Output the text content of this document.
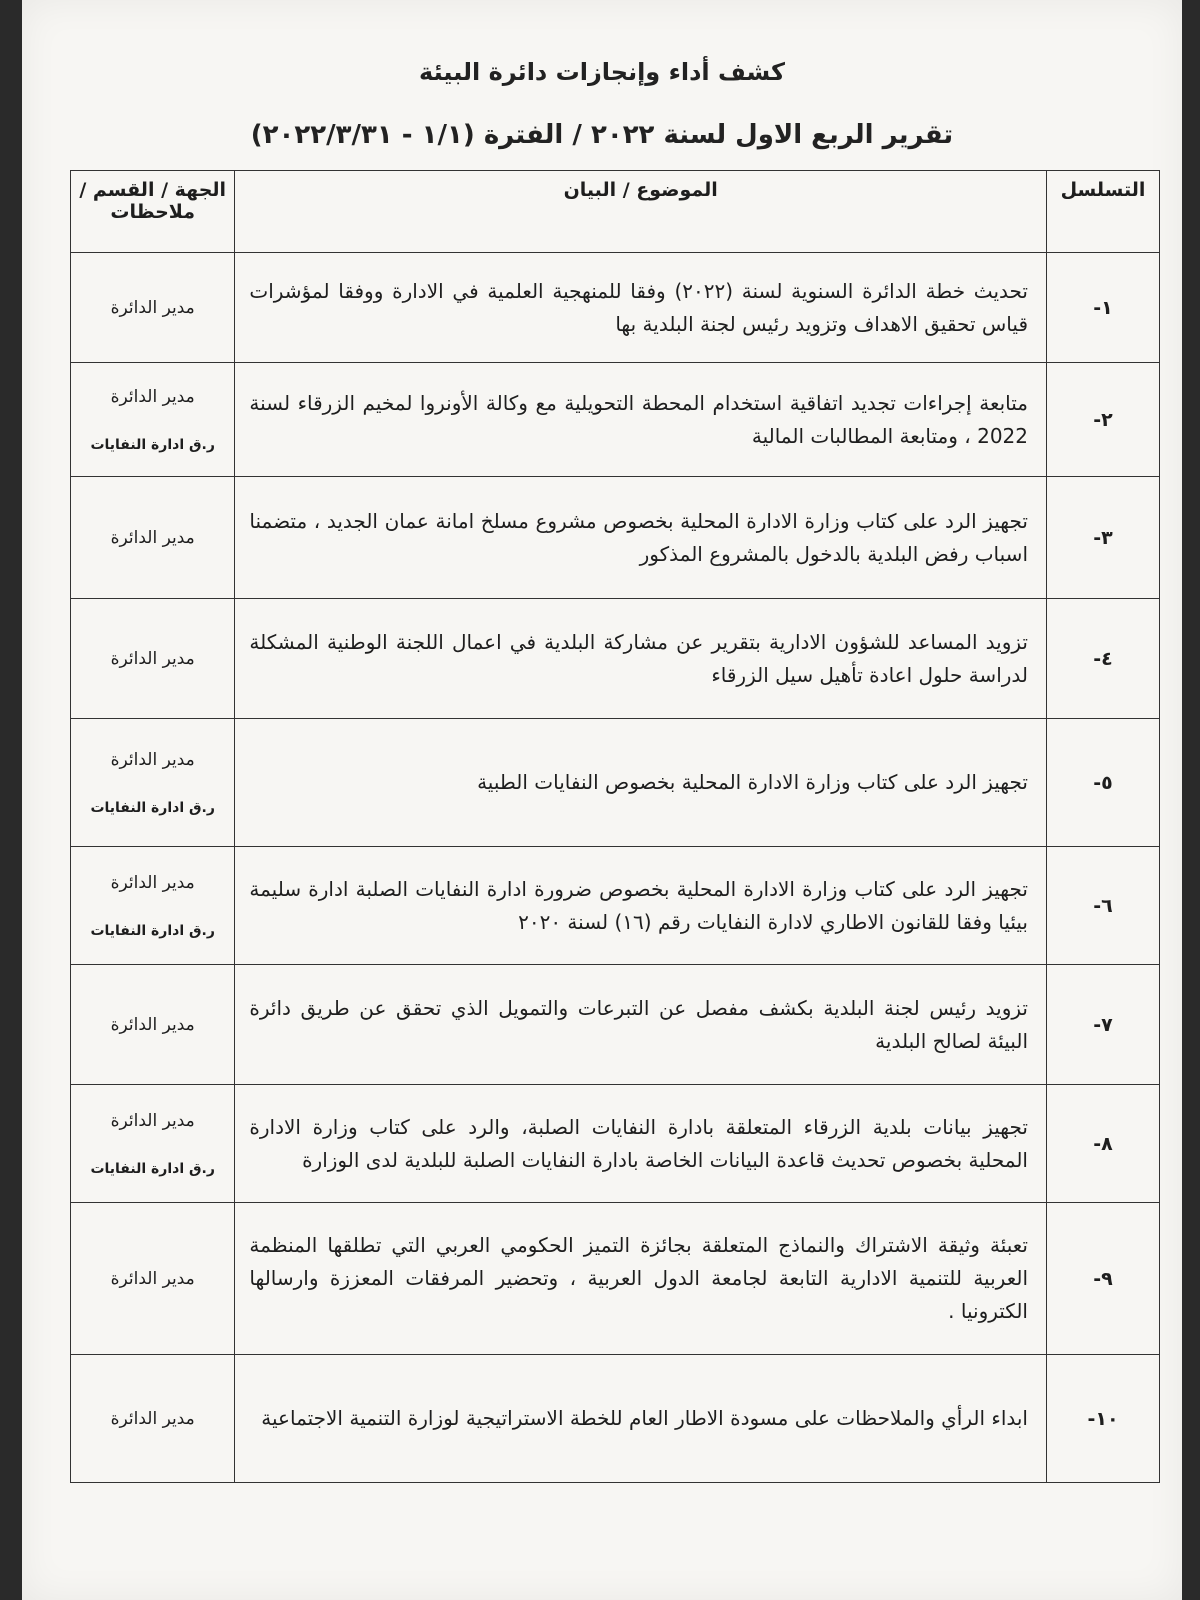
كشف أداء وإنجازات دائرة البيئة
تقرير الربع الاول لسنة ٢٠٢٢ / الفترة (١/١ - ٢٠٢٢/٣/٣١)
التسلسل	الموضوع / البيان	الجهة / القسم / ملاحظات
١-	تحديث خطة الدائرة السنوية لسنة (٢٠٢٢) وفقا للمنهجية العلمية في الادارة ووفقا لمؤشرات قياس تحقيق الاهداف وتزويد رئيس لجنة البلدية بها	مدير الدائرة

٢-	متابعة إجراءات تجديد اتفاقية استخدام المحطة التحويلية مع وكالة الأونروا لمخيم الزرقاء لسنة 2022 ، ومتابعة المطالبات المالية	مدير الدائرة
ر.ق ادارة النفايات

٣-	تجهيز الرد على كتاب وزارة الادارة المحلية بخصوص مشروع مسلخ امانة عمان الجديد ، متضمنا اسباب رفض البلدية بالدخول بالمشروع المذكور	مدير الدائرة

٤-	تزويد المساعد للشؤون الادارية بتقرير عن مشاركة البلدية في اعمال اللجنة الوطنية المشكلة لدراسة حلول اعادة تأهيل سيل الزرقاء	مدير الدائرة

٥-	تجهيز الرد على كتاب وزارة الادارة المحلية بخصوص النفايات الطبية	مدير الدائرة
ر.ق ادارة النفايات

٦-	تجهيز الرد على كتاب وزارة الادارة المحلية بخصوص ضرورة ادارة النفايات الصلبة ادارة سليمة بيئيا وفقا للقانون الاطاري لادارة النفايات رقم (١٦) لسنة ٢٠٢٠	مدير الدائرة
ر.ق ادارة النفايات

٧-	تزويد رئيس لجنة البلدية بكشف مفصل عن التبرعات والتمويل الذي تحقق عن طريق دائرة البيئة لصالح البلدية	مدير الدائرة

٨-	تجهيز بيانات بلدية الزرقاء المتعلقة بادارة النفايات الصلبة، والرد على كتاب وزارة الادارة المحلية بخصوص تحديث قاعدة البيانات الخاصة بادارة النفايات الصلبة للبلدية لدى الوزارة	مدير الدائرة
ر.ق ادارة النفايات

٩-	تعبئة وثيقة الاشتراك والنماذج المتعلقة بجائزة التميز الحكومي العربي التي تطلقها المنظمة العربية للتنمية الادارية التابعة لجامعة الدول العربية ، وتحضير المرفقات المعززة وارسالها الكترونيا .	مدير الدائرة

١٠-	ابداء الرأي والملاحظات على مسودة الاطار العام للخطة الاستراتيجية لوزارة التنمية الاجتماعية	مدير الدائرة
